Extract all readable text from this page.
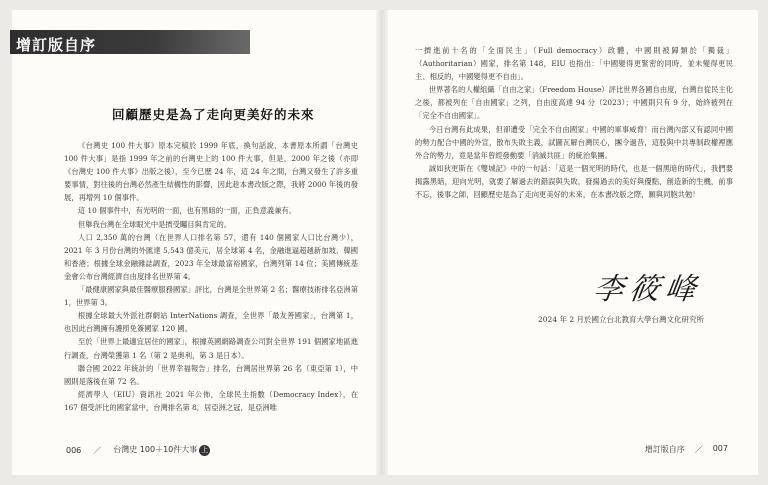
回顧歷史是為了走向更美好的未來

《台灣史 100 件大事》原本完稿於 1999 年底，換句話說，本書原本所謂「台灣史 100 件大事」是指 1999 年之前的台灣史上的 100 件大事，但是，2000 年之後（亦即《台灣史 100 件大事》出版之後），至今已歷 24 年，這 24 年之間，台灣又發生了許多重要事情，對往後的台灣必然產生結構性的影響，因此趁本書改版之際，我將 2000 年後的發展，再增列 10 個事件。

這 10 個事件中，有光明的一面，也有黑暗的一面，正負意義兼有。

但舉我台灣在全球眼光中是擠受矚目與肯定的。

人口 2,350 萬的台灣（在世界人口排名第 57，還有 140 個國家人口比台灣少），2021 年 3 月份台灣的外匯達 5,543 億美元，居全球第 4 名，金融進逼超越新加坡、韓國和香港；根據全球金融雜誌調查，2023 年全球最富裕國家，台灣列第 14 位；美國傳統基金會公布台灣經濟自由度排名世界第 4。

「最健康國家與最佳醫療服務國家」評比，台灣是全世界第 2 名；醫療技術排名亞洲第 1，世界第 3。

根據全球最大外派社群網站 InterNations 調查，全世界「最友善國家」，台灣第 1，也因此台灣擁有護照免簽國家 120 國。

至於「世界上最適宜居住的國家」，根據英國網路調查公司對全世界 191 個國家地區進行調查，台灣榮獲第 1 名（第 2 是奧利，第 3 是日本）。

聯合國 2022 年統計的「世界幸福報告」排名，台灣居世界第 26 名（東亞第 1），中國則是落後在第 72 名。

經濟學人（EIU）資訊社 2021 年公佈，全球民主指數（Democracy Index），在 167 個受評比的國家當中，台灣排名第 8，居亞洲之冠，是亞洲唯

006 ／ 台灣史 100＋10件大事 上

一擠進前十名的「全面民主」（Full democracy）政體，中國則被歸類於「獨裁」（Authoritarian）國家，排名第 148，EIU 也指出：「中國變得更緊密的同時，並未變得更民主、相反的，中國變得更不自由」。

世界著名的人權組織「自由之家」（Freedom House）評比世界各國自由度，台灣自從民主化之後，都被列在「自由國家」之列，自由度高達 94 分（2023）；中國則只有 9 分，始終被列在「完全不自由國家」。

今日台灣有此成果，但卻遭受「完全不自由國家」中國的軍事威脅！而台灣內部又有認同中國的勢力配合中國的外宣，散布失敗主義，試圖瓦解台灣民心，團令過昔，這股與中共專制政權裡應外合的勢力，竟是當年曾經發動要「消滅共匪」的統治集團。

誠如狄更斯在《雙城記》中的一句話：「這是一個光明的時代，也是一個黑暗的時代」，我們要揭露黑暗，迎向光明，就要了解過去的錯誤與失敗，發揚過去的美好與優點，創造新的生機，前事不忘，後事之師，回顧歷史是為了走向更美好的未來，在本書改版之際，願與同胞共勉！

李筱峰
2024 年 2 月於國立台北教育大學台灣文化研究所
增訂版自序 ／ 007
增訂版自序
